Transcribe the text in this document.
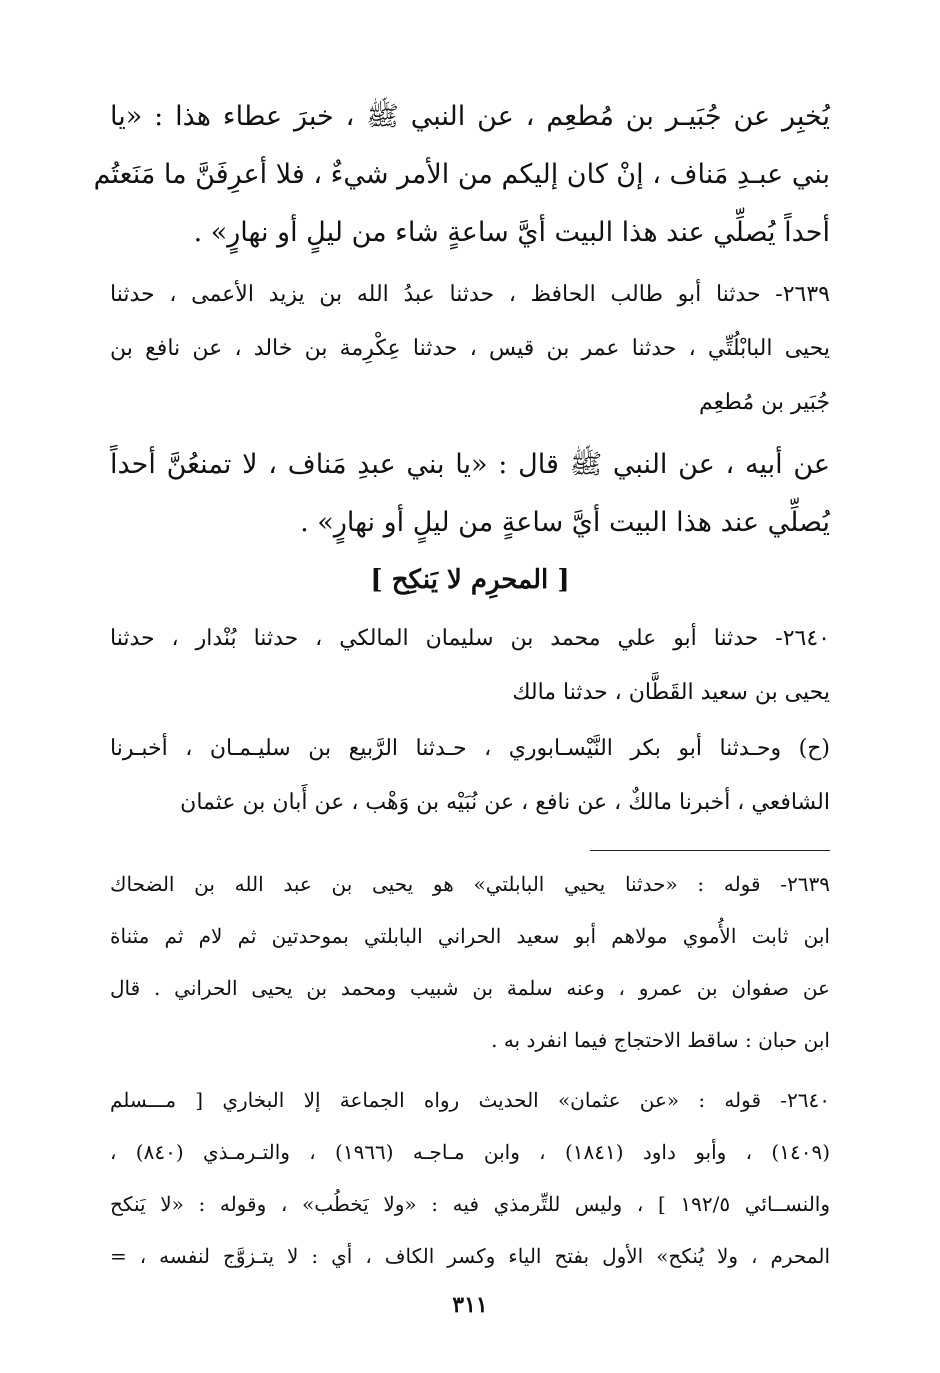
يُخبِر عن جُبَيـر بن مُطعِم ، عن النبي ﷺ ، خبرَ عطاء هذا : «يا
بني عبـدِ مَناف ، إنْ كان إليكم من الأمر شيءٌ ، فلا أعرِفَنَّ ما مَنَعتُم
أحداً يُصلِّي عند هذا البيت أيَّ ساعةٍ شاء من ليلٍ أو نهارٍ» .

٢٦٣٩- حدثنا أبو طالب الحافظ ، حدثنا عبدُ الله بن يزيد الأعمى ، حدثنا
يحيى البابْلُتِّي ، حدثنا عمر بن قيس ، حدثنا عِكْرِمة بن خالد ، عن نافع بن
جُبَير بن مُطعِم

عن أبيه ، عن النبي ﷺ قال : «يا بني عبدِ مَناف ، لا تمنعُنَّ أحداً
يُصلِّي عند هذا البيت أيَّ ساعةٍ من ليلٍ أو نهارٍ» .

[ المحرِم لا يَنكِح ]

٢٦٤٠- حدثنا أبو علي محمد بن سليمان المالكي ، حدثنا بُنْدار ، حدثنا
يحيى بن سعيد القَطَّان ، حدثنا مالك

(ح) وحـدثنا أبو بكر النَّيْسـابوري ، حـدثنا الرَّبيع بن سليـمـان ، أخبـرنا
الشافعي ، أخبرنا مالكٌ ، عن نافع ، عن نُبَيْه بن وَهْب ، عن أَبان بن عثمان

٢٦٣٩- قوله : «حدثنا يحيي البابلتي» هو يحيى بن عبد الله بن الضحاك
ابن ثابت الأُموي مولاهم أبو سعيد الحراني البابلتي بموحدتين ثم لام ثم مثناة
عن صفوان بن عمرو ، وعنه سلمة بن شبيب ومحمد بن يحيى الحراني . قال
ابن حبان : ساقط الاحتجاج فيما انفرد به .

٢٦٤٠- قوله : «عن عثمان» الحديث رواه الجماعة إلا البخاري [ مـــسلم
(١٤٠٩) ، وأبو داود (١٨٤١) ، وابن مـاجـه (١٩٦٦) ، والتـرمـذي (٨٤٠) ،
والنســائي ١٩٢/٥ ] ، وليس للتِّرمذي فيه : «ولا يَخطُب» ، وقوله : «لا يَنكح
المحرم ، ولا يُنكح» الأول بفتح الياء وكسر الكاف ، أي : لا يتـزوَّج لنفسه ، =

٣١١
